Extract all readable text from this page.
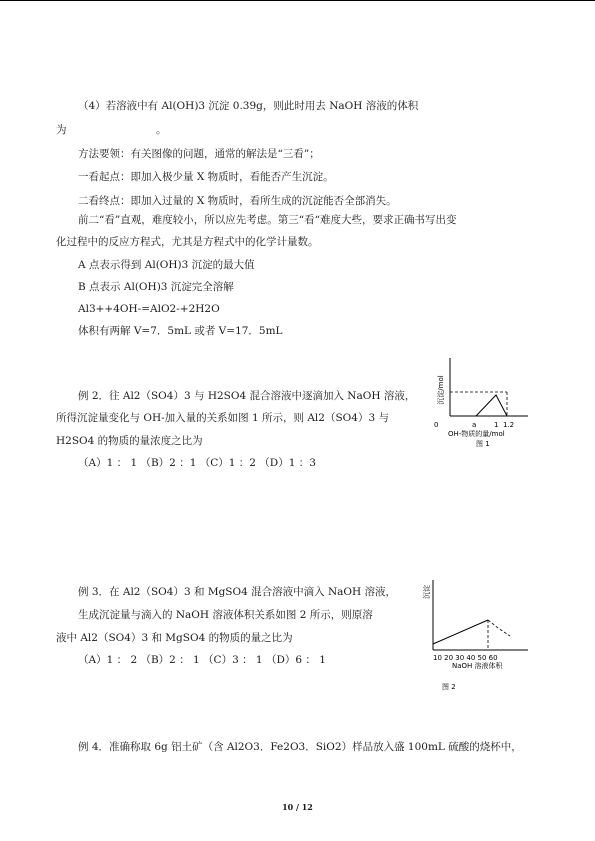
（4）若溶液中有 Al(OH)3 沉淀 0.39g，则此时用去 NaOH 溶液的体积
为	。
方法要领：有关图像的问题，通常的解法是“三看”；
一看起点：即加入极少量 X 物质时，看能否产生沉淀。
二看终点：即加入过量的 X 物质时，看所生成的沉淀能否全部消失。
前二“看”直观，难度较小，所以应先考虑。第三“看“难度大些，要求正确书写出变
化过程中的反应方程式，尤其是方程式中的化学计量数。
A 点表示得到 Al(OH)3 沉淀的最大值
B 点表示 Al(OH)3 沉淀完全溶解
Al3++4OH-=AlO2-+2H2O
体积有两解 V=7．5mL 或者 V=17．5mL
例 2．往 Al2（SO4）3 与 H2SO4 混合溶液中逐滴加入 NaOH 溶液，
所得沉淀量变化与 OH-加入量的关系如图 1 所示，则 Al2（SO4）3 与
H2SO4 的物质的量浓度之比为
（A）1 ： 1 （B）2 ：1 （C）1 ：2 （D）1 ：3
沉淀/mol
0	a	1 1.2
OH-物质的量/mol
图 1
例 3．在 Al2（SO4）3 和 MgSO4 混合溶液中滴入 NaOH 溶液，
生成沉淀量与滴入的 NaOH 溶液体积关系如图 2 所示，则原溶
液中 Al2（SO4）3 和 MgSO4 的物质的量之比为
（A）1 ： 2 （B）2 ： 1 （C）3 ： 1 （D）6 ： 1
沉淀
10 20 30 40 50 60
NaOH 溶液体积
图 2
例 4．准确称取 6g 铝土矿（含 Al2O3．Fe2O3．SiO2）样品放入盛 100mL 硫酸的烧杯中，
10 / 12
